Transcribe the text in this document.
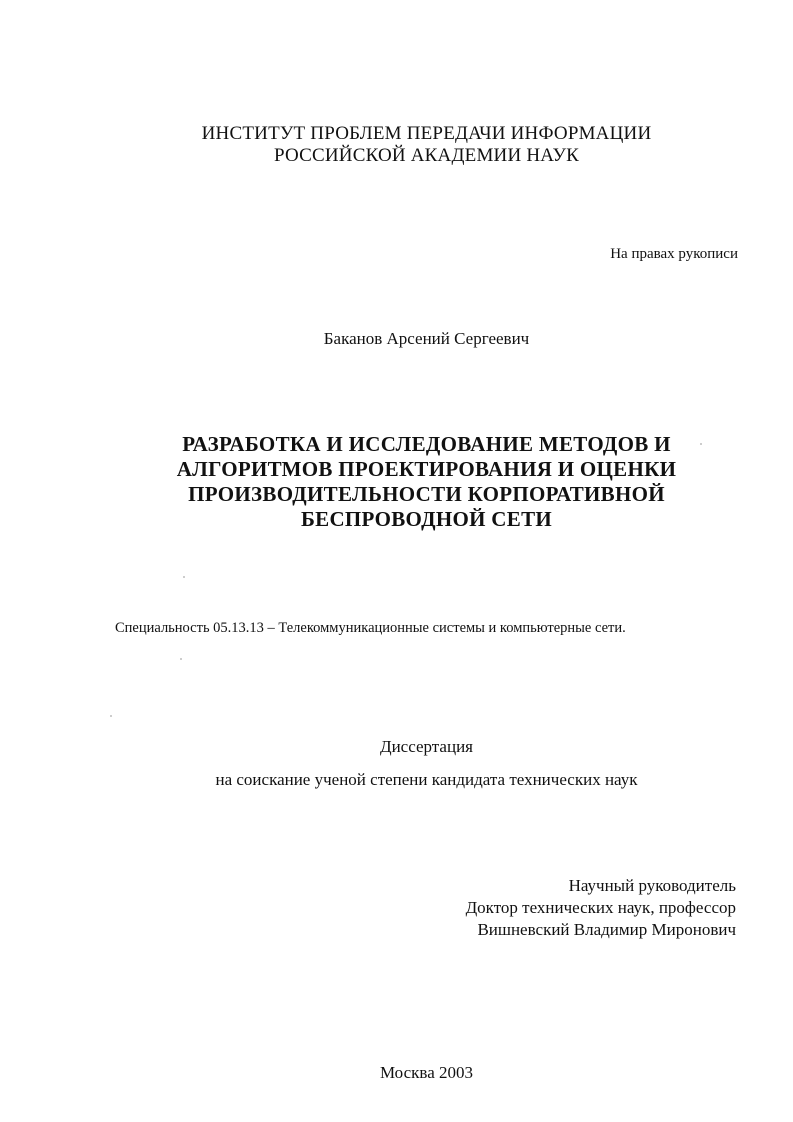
ИНСТИТУТ ПРОБЛЕМ ПЕРЕДАЧИ ИНФОРМАЦИИ
РОССИЙСКОЙ АКАДЕМИИ НАУК
На правах рукописи
Баканов Арсений Сергеевич
РАЗРАБОТКА И ИССЛЕДОВАНИЕ МЕТОДОВ И
АЛГОРИТМОВ ПРОЕКТИРОВАНИЯ И ОЦЕНКИ
ПРОИЗВОДИТЕЛЬНОСТИ КОРПОРАТИВНОЙ
БЕСПРОВОДНОЙ СЕТИ
Специальность 05.13.13 – Телекоммуникационные системы и компьютерные сети.
Диссертация
на соискание ученой степени кандидата технических наук
Научный руководитель
Доктор технических наук, профессор
Вишневский Владимир Миронович
Москва 2003
